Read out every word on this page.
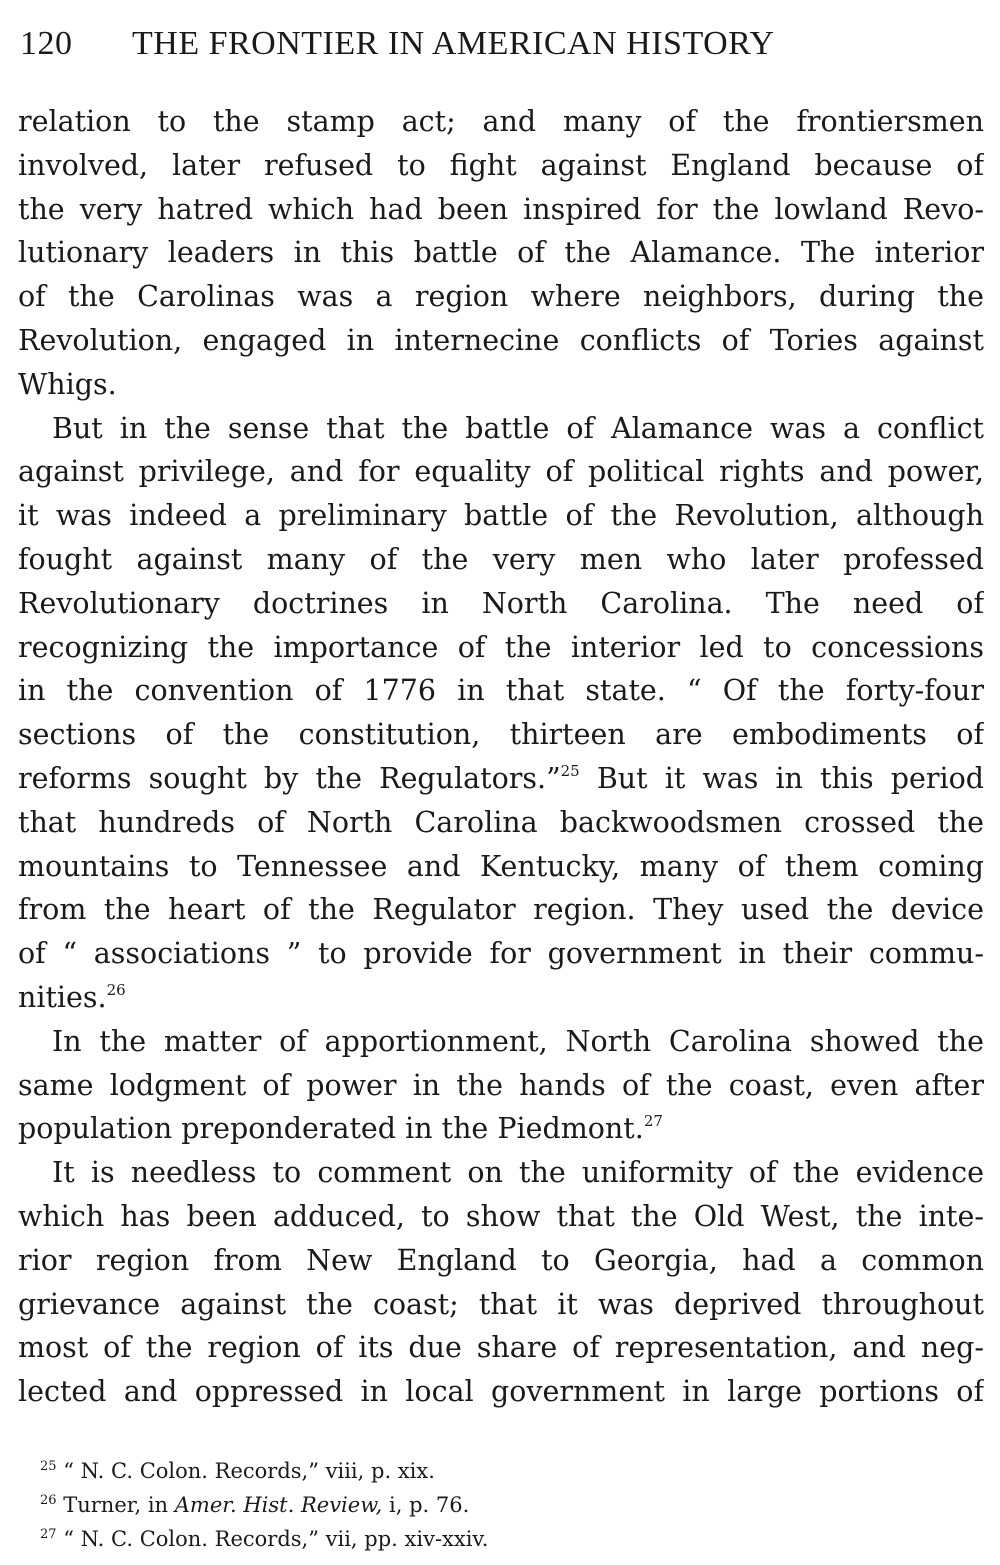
120 THE FRONTIER IN AMERICAN HISTORY
relation to the stamp act; and many of the frontiersmen
involved, later refused to fight against England because of
the very hatred which had been inspired for the lowland Revo-
lutionary leaders in this battle of the Alamance. The interior
of the Carolinas was a region where neighbors, during the
Revolution, engaged in internecine conflicts of Tories against
Whigs.
But in the sense that the battle of Alamance was a conflict
against privilege, and for equality of political rights and power,
it was indeed a preliminary battle of the Revolution, although
fought against many of the very men who later professed
Revolutionary doctrines in North Carolina. The need of
recognizing the importance of the interior led to concessions
in the convention of 1776 in that state. “ Of the forty-four
sections of the constitution, thirteen are embodiments of
reforms sought by the Regulators.”$^{25}$ But it was in this period
that hundreds of North Carolina backwoodsmen crossed the
mountains to Tennessee and Kentucky, many of them coming
from the heart of the Regulator region. They used the device
of “ associations ” to provide for government in their commu-
nities.$^{26}$
In the matter of apportionment, North Carolina showed the
same lodgment of power in the hands of the coast, even after
population preponderated in the Piedmont.$^{27}$
It is needless to comment on the uniformity of the evidence
which has been adduced, to show that the Old West, the inte-
rior region from New England to Georgia, had a common
grievance against the coast; that it was deprived throughout
most of the region of its due share of representation, and neg-
lected and oppressed in local government in large portions of
$^{25}$ “ N. C. Colon. Records,” viii, p. xix.
$^{26}$ Turner, in Amer. Hist. Review, i, p. 76.
$^{27}$ “ N. C. Colon. Records,” vii, pp. xiv-xxiv.
